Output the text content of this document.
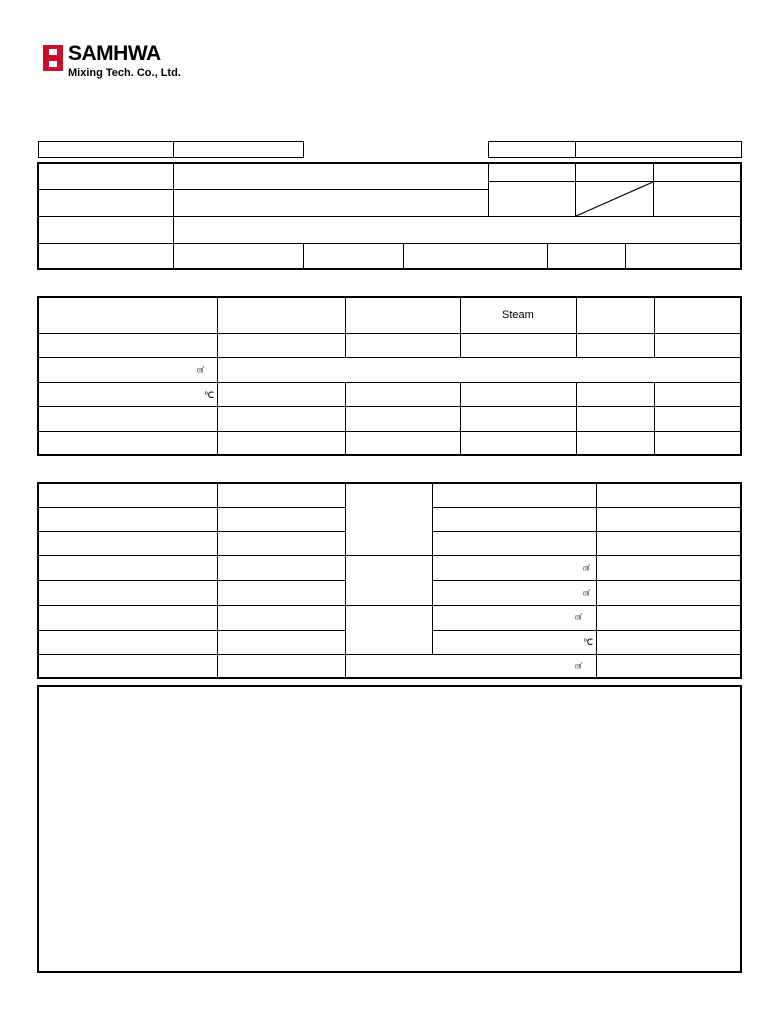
SAMHWA
Mixing Tech. Co., Ltd.
Steam
㎠
℃
㎠
㎠
㎠
℃
㎠
